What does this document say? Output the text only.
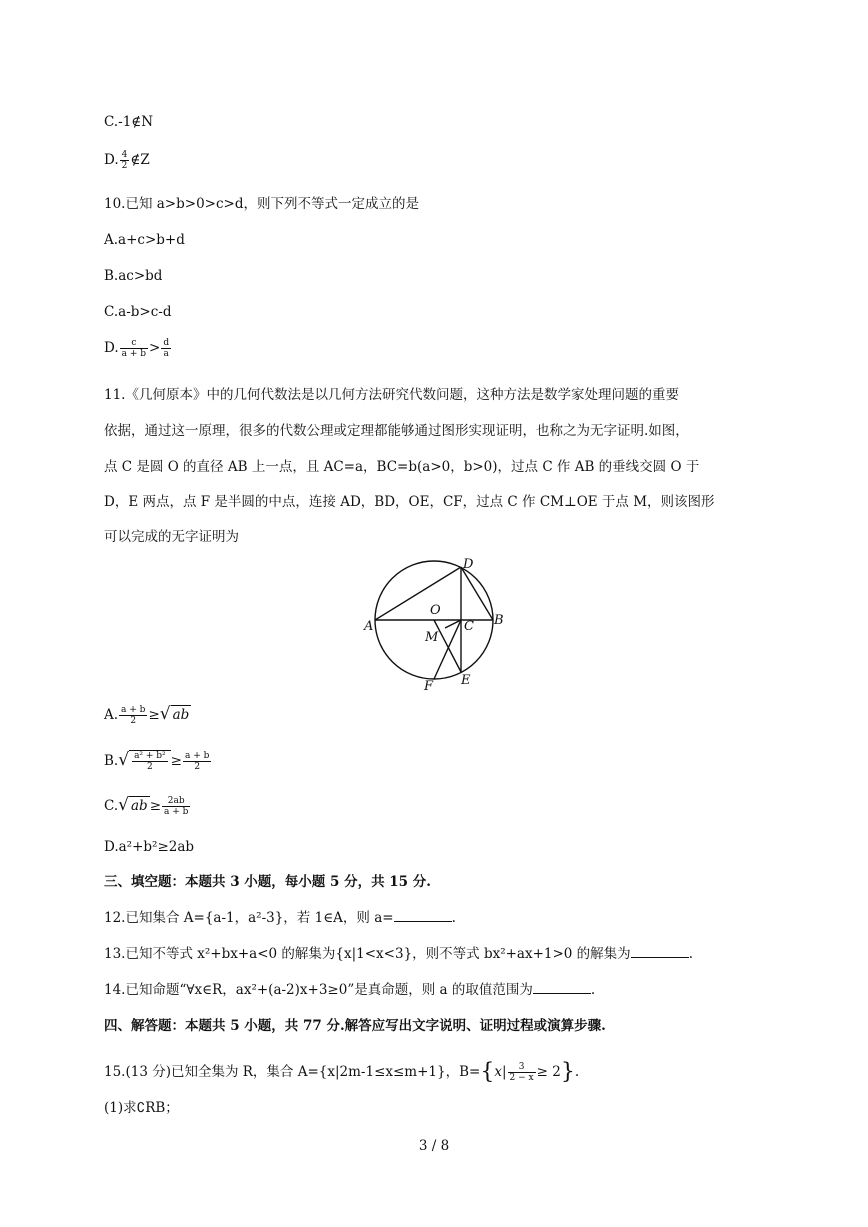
C.-1∉N
D. $\frac{4}{2}$ ∉Z
10.已知 a>b>0>c>d，则下列不等式一定成立的是
A.a+c>b+d
B.ac>bd
C.a-b>c-d
D. $\frac{c}{a + b} > \frac{d}{a}$
11.《几何原本》中的几何代数法是以几何方法研究代数问题，这种方法是数学家处理问题的重要
依据，通过这一原理，很多的代数公理或定理都能够通过图形实现证明，也称之为无字证明.如图，
点 C 是圆 O 的直径 AB 上一点，且 AC=a，BC=b(a>0，b>0)，过点 C 作 AB 的垂线交圆 O 于
D，E 两点，点 F 是半圆的中点，连接 AD，BD，OE，CF，过点 C 作 CM⊥OE 于点 M，则该图形
可以完成的无字证明为
A	B
C
D
E
F
O
M
A. $\frac{a + b}{2}$ ≥√ ab
$B.√ \frac{\text{a² + b²}}{2} \ge \frac{a + b}{2}$
C.√ ab ≥ $\frac{2ab}{a + b}$
D.a²+b²≥2ab
三、填空题：本题共 3 小题，每小题 5 分，共 15 分.
12.已知集合 A={a-1，a²-3}，若 1∈A，则 a=	.
13.已知不等式 x²+bx+a<0 的解集为{x|1<x<3}，则不等式 bx²+ax+1>0 的解集为	.
14.已知命题“∀x∈R，ax²+(a-2)x+3≥0”是真命题，则 a 的取值范围为	.
四、解答题：本题共 5 小题，共 77 分.解答应写出文字说明、证明过程或演算步骤.
15.(13 分)已知全集为 R，集合 A={x|2m-1≤x≤m+1}，$B=\{x| \frac{3}{2 - x} \ge 2\}$.
(1)求∁RB；
3 / 8
